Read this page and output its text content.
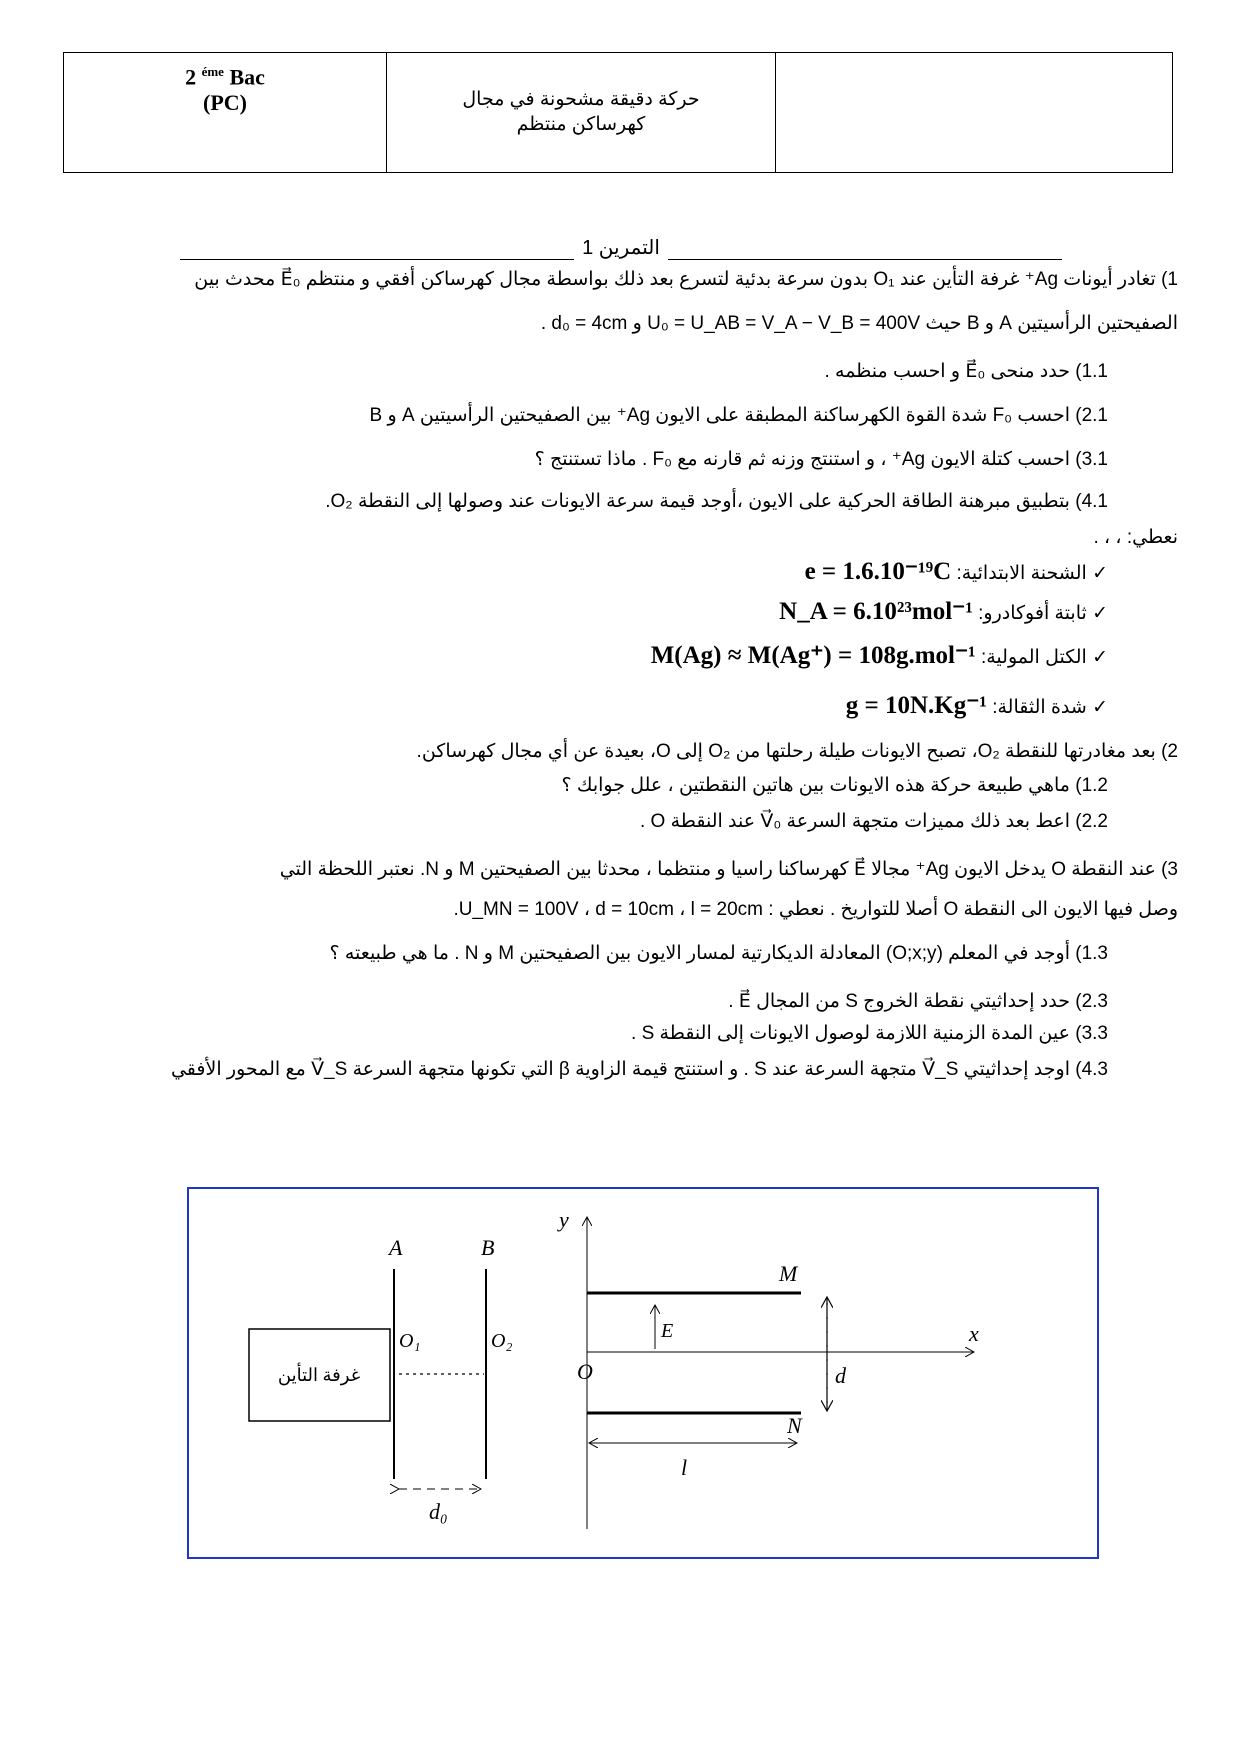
2 $^{éme}$ Bac
(PC)	حركة دقيقة مشحونة في مجال كهرساكن منتظم
التمرين 1
1) تغادر أيونات Ag⁺ غرفة التأين عند O₁ بدون سرعة بدئية لتسرع بعد ذلك بواسطة مجال كهرساكن أفقي و منتظم E⃗₀ محدث بين
الصفيحتين الرأسيتين A و B حيث U₀ = U_AB = V_A − V_B = 400V و d₀ = 4cm .
1.1) حدد منحى E⃗₀ و احسب منظمه .
2.1) احسب F₀ شدة القوة الكهرساكنة المطبقة على الايون Ag⁺ بين الصفيحتين الرأسيتين A و B
3.1) احسب كتلة الايون Ag⁺ ، و استنتج وزنه ثم قارنه مع F₀ . ماذا تستنتج ؟
4.1) بتطبيق مبرهنة الطاقة الحركية على الايون ،أوجد قيمة سرعة الايونات عند وصولها إلى النقطة O₂.
نعطي: ، ، .
✓ الشحنة الابتدائية: e = 1.6.10⁻¹⁹C
✓ ثابتة أفوكادرو: N_A = 6.10²³mol⁻¹
✓ الكتل المولية: M(Ag) ≈ M(Ag⁺) = 108g.mol⁻¹
✓ شدة الثقالة: g = 10N.Kg⁻¹
2) بعد مغادرتها للنقطة O₂، تصبح الايونات طيلة رحلتها من O₂ إلى O، بعيدة عن أي مجال كهرساكن.
1.2) ماهي طبيعة حركة هذه الايونات بين هاتين النقطتين ، علل جوابك ؟
2.2) اعط بعد ذلك مميزات متجهة السرعة V⃗₀ عند النقطة O .
3) عند النقطة O يدخل الايون Ag⁺ مجالا E⃗ كهرساكنا راسيا و منتظما ، محدثا بين الصفيحتين M و N. نعتبر اللحظة التي
وصل فيها الايون الى النقطة O أصلا للتواريخ . نعطي : U_MN = 100V ، d = 10cm ، l = 20cm.
1.3) أوجد في المعلم (O;x;y) المعادلة الديكارتية لمسار الايون بين الصفيحتين M و N . ما هي طبيعته ؟
2.3) حدد إحداثيتي نقطة الخروج S من المجال E⃗ .
3.3) عين المدة الزمنية اللازمة لوصول الايونات إلى النقطة S .
4.3) اوجد إحداثيتي V⃗_S متجهة السرعة عند S . و استنتج قيمة الزاوية β التي تكونها متجهة السرعة V⃗_S مع المحور الأفقي
غرفة التأين
A	B
O₁	O₂
d₀
y
x
O
M
N
E⃗
d
l
